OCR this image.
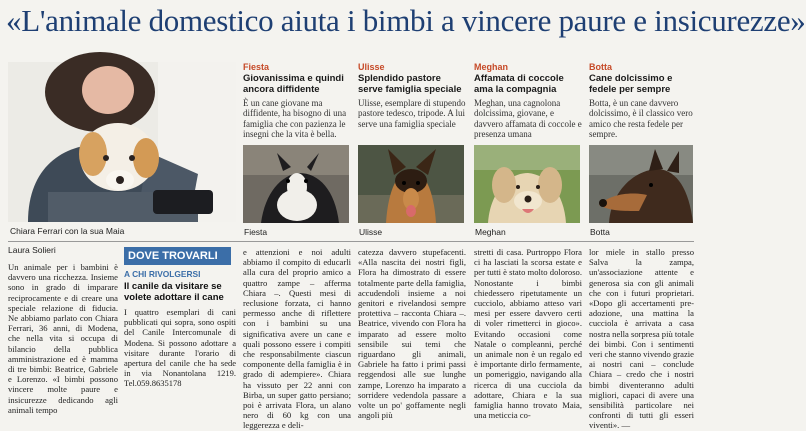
«L'animale domestico aiuta i bimbi a vincere paure e insicurezze»
Chiara Ferrari con la sua Maia
Fiesta
Giovanissima e quindi ancora diffidente
È un cane giovane ma diffidente, ha bisogno di una famiglia che con pazienza le insegni che la vita è bella.
Ulisse
Splendido pastore serve famiglia speciale
Ulisse, esemplare di stupendo pastore tedesco, tripode. A lui serve una famiglia speciale
Meghan
Affamata di coccole ama la compagnia
Meghan, una cagnolona dolcissima, giovane, e davvero affamata di coccole e presenza umana
Botta
Cane dolcissimo e fedele per sempre
Botta, è un cane davvero dolcissimo, è il classico vero amico che resta fedele per sempre.
Fiesta	Ulisse	Meghan	Botta
Laura Solieri

Un animale per i bambini è davvero una ricchezza. Insieme sono in grado di imparare reciprocamente e di creare una speciale relazione di fiducia. Ne abbiamo parlato con Chiara Ferrari, 36 anni, di Modena, che nella vita si occupa di bilancio della pubblica amministrazione ed è mamma di tre bimbi: Beatrice, Gabriele e Lorenzo. «I bimbi possono vincere molte paure e insicurezze dedicando agli animali tempo

DOVE TROVARLI
A CHI RIVOLGERSI
Il canile da visitare se volete adottare il cane
I quattro esemplari di cani pubblicati qui sopra, sono ospiti del Canile Intercomunale di Modena. Si possono adottare a visitare durante l'orario di apertura del canile che ha sede in via Nonantolana 1219. Tel.059.8635178

e attenzioni e noi adulti abbiamo il compito di educarli alla cura del proprio amico a quattro zampe – afferma Chiara –. Questi mesi di reclusione forzata, ci hanno permesso anche di riflettere con i bambini su una significativa avere un cane e quali possono essere i compiti che responsabilmente ciascun componente della famiglia è in grado di adempiere». Chiara ha vissuto per 22 anni con Birba, un super gatto persiano; poi è arrivata Flora, un alano nero di 60 kg con una leggerezza e deli-

catezza davvero stupefacenti. «Alla nascita dei nostri figli, Flora ha dimostrato di essere totalmente parte della famiglia, accudendoli insieme a noi genitori e rivelandosi sempre protettiva – racconta Chiara –. Beatrice, vivendo con Flora ha imparato ad essere molto sensibile sui temi che riguardano gli animali, Gabriele ha fatto i primi passi reggendosi alle sue lunghe zampe, Lorenzo ha imparato a sorridere vedendola passare a volte un po' goffamente negli angoli più

stretti di casa. Purtroppo Flora ci ha lasciati la scorsa estate e per tutti è stato molto doloroso. Nonostante i bimbi chiedessero ripetutamente un cucciolo, abbiamo atteso vari mesi per essere davvero certi di voler rimetterci in gioco». Evitando occasioni come Natale o compleanni, perché un animale non è un regalo ed è importante dirlo fermamente, un pomeriggio, navigando alla ricerca di una cucciola da adottare, Chiara e la sua famiglia hanno trovato Maia, una meticcia co-

lor miele in stallo presso Salva la zampa, un'associazione attente e generosa sia con gli animali che con i futuri proprietari. «Dopo gli accertamenti pre-adozione, una mattina la cucciola è arrivata a casa nostra nella sorpresa più totale dei bimbi. Con i sentimenti veri che stanno vivendo grazie ai nostri cani – conclude Chiara – credo che i nostri bimbi diventeranno adulti migliori, capaci di avere una sensibilità particolare nei confronti di tutti gli esseri viventi». —
